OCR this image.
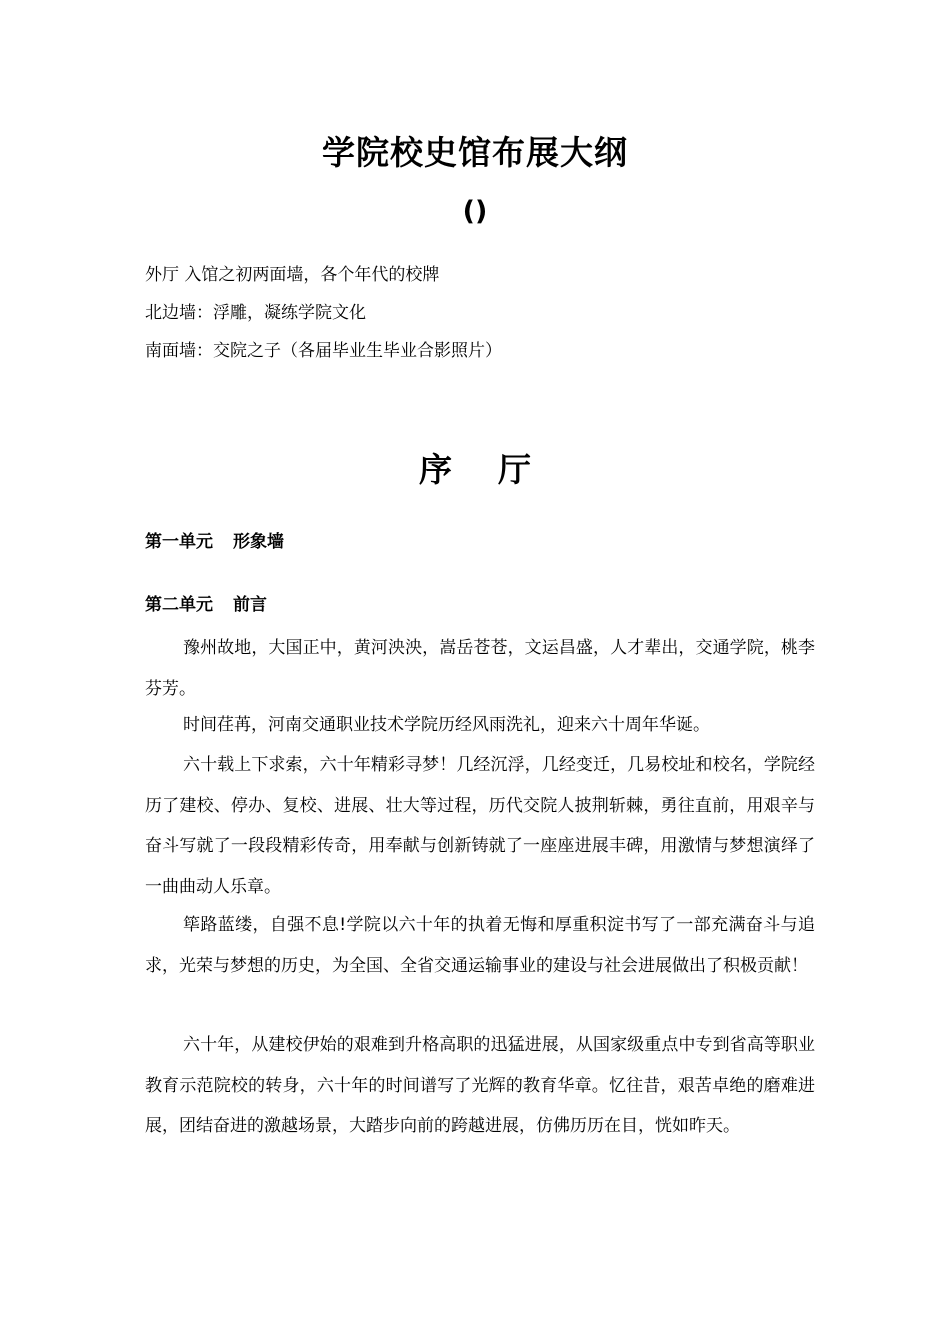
学院校史馆布展大纲
()
外厅 入馆之初两面墙，各个年代的校牌
北边墙：浮雕，凝练学院文化
南面墙：交院之子（各届毕业生毕业合影照片）
序 厅
第一单元 形象墙
第二单元 前言

豫州故地，大国正中，黄河泱泱，嵩岳苍苍，文运昌盛，人才辈出，交通学院，桃李芬芳。

时间荏苒，河南交通职业技术学院历经风雨洗礼，迎来六十周年华诞。

六十载上下求索，六十年精彩寻梦！几经沉浮，几经变迁，几易校址和校名，学院经历了建校、停办、复校、进展、壮大等过程，历代交院人披荆斩棘，勇往直前，用艰辛与奋斗写就了一段段精彩传奇，用奉献与创新铸就了一座座进展丰碑，用激情与梦想演绎了一曲曲动人乐章。

筚路蓝缕，自强不息!学院以六十年的执着无悔和厚重积淀书写了一部充满奋斗与追求，光荣与梦想的历史，为全国、全省交通运输事业的建设与社会进展做出了积极贡献！

六十年，从建校伊始的艰难到升格高职的迅猛进展，从国家级重点中专到省高等职业教育示范院校的转身，六十年的时间谱写了光辉的教育华章。忆往昔，艰苦卓绝的磨难进展，团结奋进的激越场景，大踏步向前的跨越进展，仿佛历历在目，恍如昨天。
